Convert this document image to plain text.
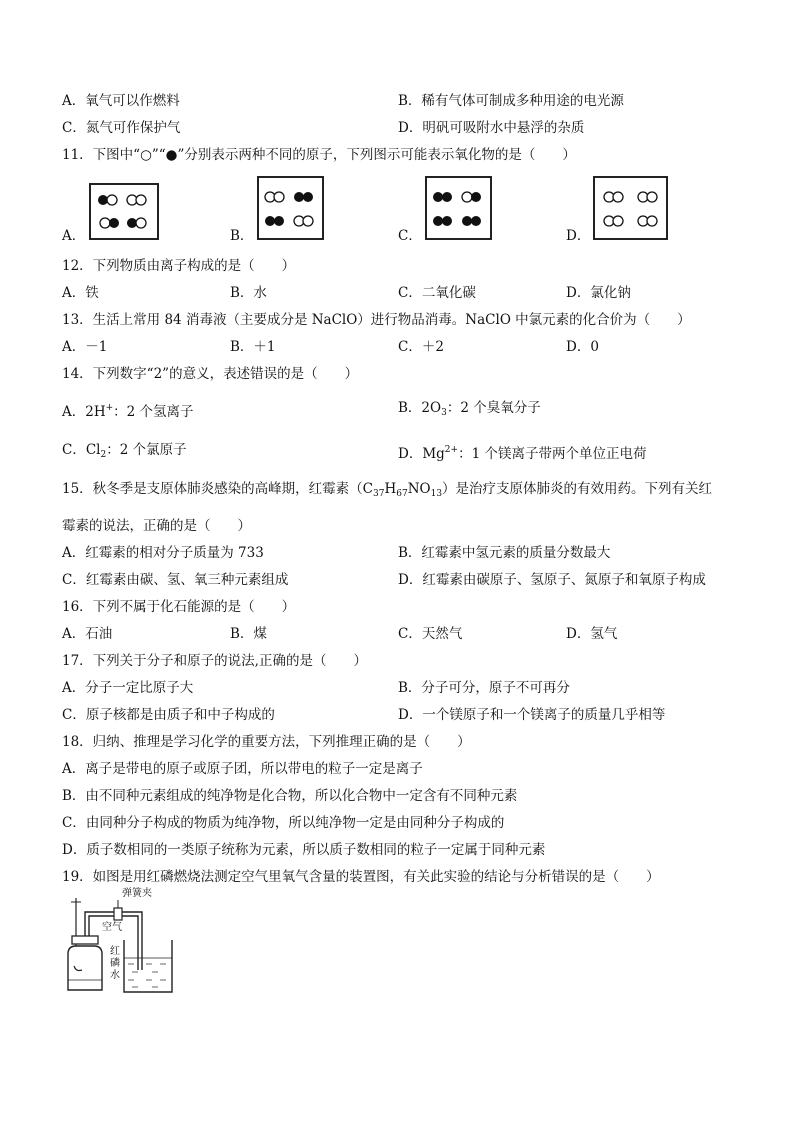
A．氧气可以作燃料	B．稀有气体可制成多种用途的电光源
C．氮气可作保护气	D．明矾可吸附水中悬浮的杂质
11．下图中“○”“●”分别表示两种不同的原子，下列图示可能表示氧化物的是（　　）
A．	B．	C．	D．
12．下列物质由离子构成的是（　　）
A．铁	B．水	C．二氧化碳	D．氯化钠
13．生活上常用 84 消毒液（主要成分是 NaClO）进行物品消毒。NaClO 中氯元素的化合价为（　　）
A．－1	B．＋1	C．＋2	D．0
14．下列数字“2”的意义，表述错误的是（　　）
A．2H+：2 个氢离子	B．$2O_3$：2 个臭氧分子
C．$Cl_2$：2 个氯原子	D．$Mg^{2+}$：1 个镁离子带两个单位正电荷
15．秋冬季是支原体肺炎感染的高峰期，红霉素$(C_{37}H_{67}NO_{13})$是治疗支原体肺炎的有效用药。下列有关红
霉素的说法，正确的是（　　）
A．红霉素的相对分子质量为 733	B．红霉素中氢元素的质量分数最大
C．红霉素由碳、氢、氧三种元素组成	D．红霉素由碳原子、氢原子、氮原子和氧原子构成
16．下列不属于化石能源的是（　　）
A．石油	B．煤	C．天然气	D．氢气
17．下列关于分子和原子的说法,正确的是（　　）
A．分子一定比原子大	B．分子可分，原子不可再分
C．原子核都是由质子和中子构成的	D．一个镁原子和一个镁离子的质量几乎相等
18．归纳、推理是学习化学的重要方法，下列推理正确的是（　　）
A．离子是带电的原子或原子团，所以带电的粒子一定是离子
B．由不同种元素组成的纯净物是化合物，所以化合物中一定含有不同种元素
C．由同种分子构成的物质为纯净物，所以纯净物一定是由同种分子构成的
D．质子数相同的一类原子统称为元素，所以质子数相同的粒子一定属于同种元素
19．如图是用红磷燃烧法测定空气里氧气含量的装置图，有关此实验的结论与分析错误的是（　　）
弹簧夹
空气
红
磷
水
